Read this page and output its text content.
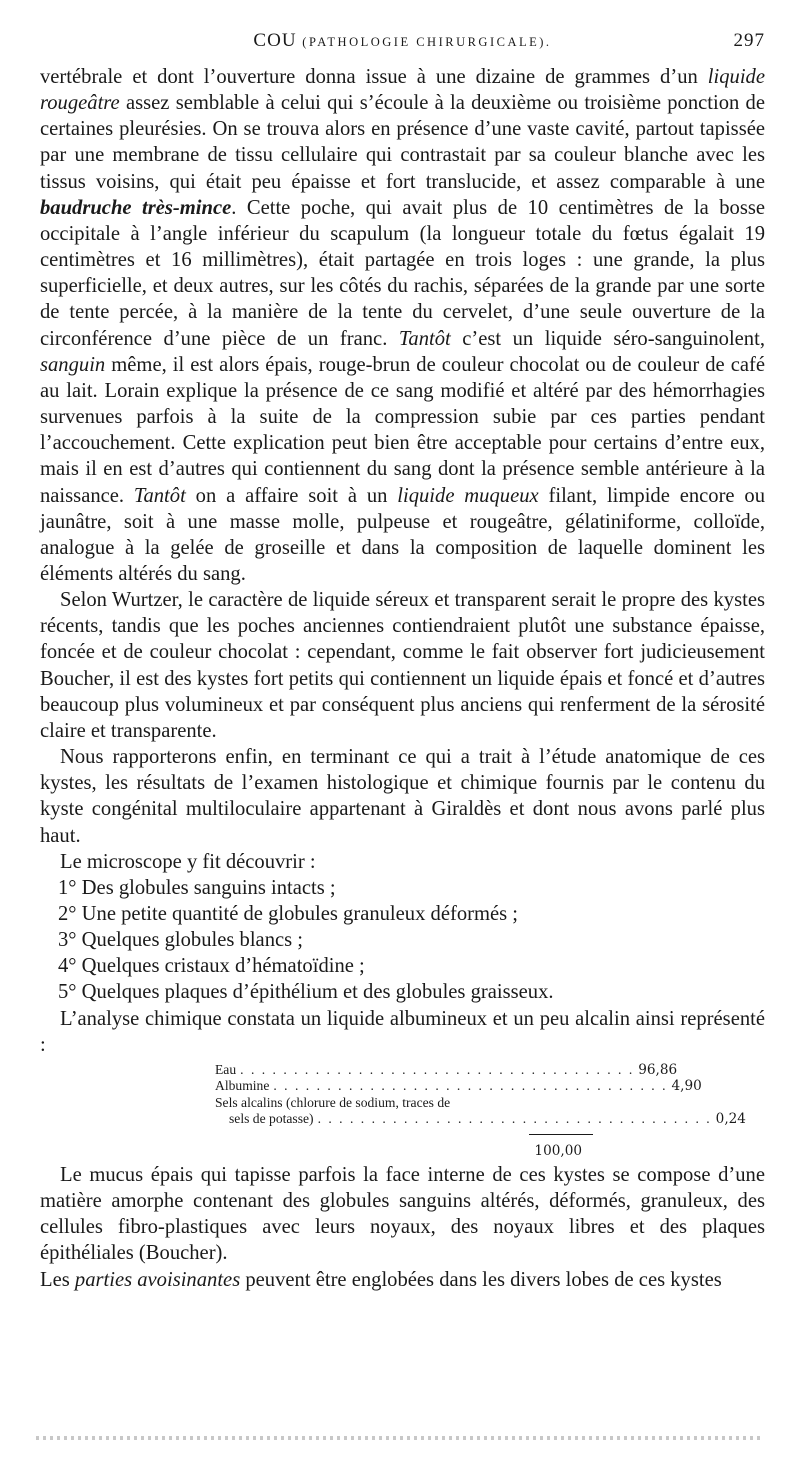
COU (PATHOLOGIE CHIRURGICALE).	297

vertébrale et dont l’ouverture donna issue à une dizaine de grammes d’un liquide rougeâtre assez semblable à celui qui s’écoule à la deuxième ou troisième ponction de certaines pleurésies. On se trouva alors en présence d’une vaste cavité, partout tapissée par une membrane de tissu cellulaire qui contrastait par sa couleur blanche avec les tissus voisins, qui était peu épaisse et fort translucide, et assez comparable à une baudruche très-mince. Cette poche, qui avait plus de 10 centimètres de la bosse occipitale à l’angle inférieur du scapulum (la longueur totale du fœtus égalait 19 centimètres et 16 millimètres), était partagée en trois loges : une grande, la plus superficielle, et deux autres, sur les côtés du rachis, séparées de la grande par une sorte de tente percée, à la manière de la tente du cervelet, d’une seule ouverture de la circonférence d’une pièce de un franc. Tantôt c’est un liquide séro-sanguinolent, sanguin même, il est alors épais, rouge-brun de couleur chocolat ou de couleur de café au lait. Lorain explique la présence de ce sang modifié et altéré par des hémorrhagies survenues parfois à la suite de la compression subie par ces parties pendant l’accouchement. Cette explication peut bien être acceptable pour certains d’entre eux, mais il en est d’autres qui contiennent du sang dont la présence semble antérieure à la naissance. Tantôt on a affaire soit à un liquide muqueux filant, limpide encore ou jaunâtre, soit à une masse molle, pulpeuse et rougeâtre, gélatiniforme, colloïde, analogue à la gelée de groseille et dans la composition de laquelle dominent les éléments altérés du sang.

Selon Wurtzer, le caractère de liquide séreux et transparent serait le propre des kystes récents, tandis que les poches anciennes contiendraient plutôt une substance épaisse, foncée et de couleur chocolat : cependant, comme le fait observer fort judicieusement Boucher, il est des kystes fort petits qui contiennent un liquide épais et foncé et d’autres beaucoup plus volumineux et par conséquent plus anciens qui renferment de la sérosité claire et transparente.

Nous rapporterons enfin, en terminant ce qui a trait à l’étude anatomique de ces kystes, les résultats de l’examen histologique et chimique fournis par le contenu du kyste congénital multiloculaire appartenant à Giraldès et dont nous avons parlé plus haut.

Le microscope y fit découvrir :

1° Des globules sanguins intacts ;

2° Une petite quantité de globules granuleux déformés ;

3° Quelques globules blancs ;

4° Quelques cristaux d’hématoïdine ;

5° Quelques plaques d’épithélium et des globules graisseux.

L’analyse chimique constata un liquide albumineux et un peu alcalin ainsi représenté :

Eau . . . . . . . . . . . . . . . . . . . . . . . . . . . . . . . . . . . . . 96,86
Albumine . . . . . . . . . . . . . . . . . . . . . . . . . . . . . . . . . . . . . 4,90
Sels alcalins (chlorure de sodium, traces de
sels de potasse) . . . . . . . . . . . . . . . . . . . . . . . . . . . . . . . . . . . . . 0,24
100,00

Le mucus épais qui tapisse parfois la face interne de ces kystes se compose d’une matière amorphe contenant des globules sanguins altérés, déformés, granuleux, des cellules fibro-plastiques avec leurs noyaux, des noyaux libres et des plaques épithéliales (Boucher).

Les parties avoisinantes peuvent être englobées dans les divers lobes de ces kystes
